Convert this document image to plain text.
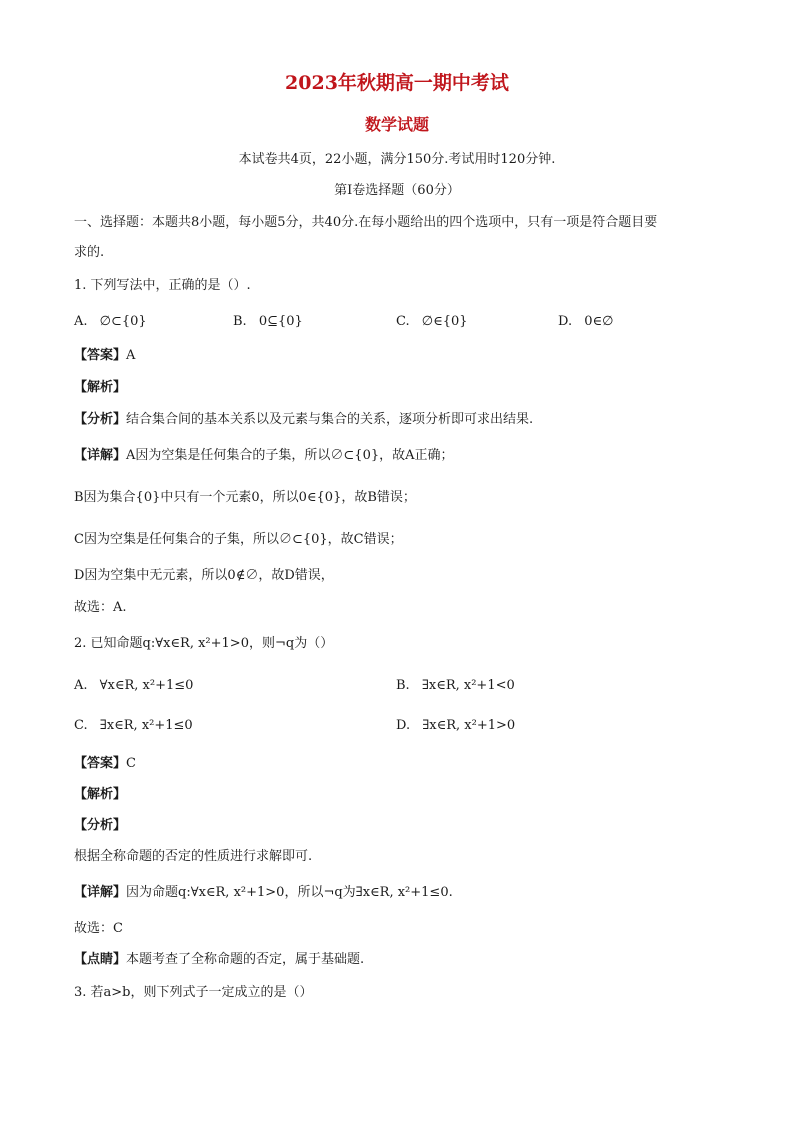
2023年秋期高一期中考试
数学试题
本试卷共4页，22小题，满分150分.考试用时120分钟.
第Ⅰ卷选择题（60分）
一、选择题：本题共8小题，每小题5分，共40分.在每小题给出的四个选项中，只有一项是符合题目要
求的.
1. 下列写法中，正确的是（）.
A. ∅⊂{0}	B. 0⊆{0}	C. ∅∈{0}	D. 0∈∅
【答案】A
【解析】
【分析】结合集合间的基本关系以及元素与集合的关系，逐项分析即可求出结果.
【详解】A因为空集是任何集合的子集，所以∅⊂{0}，故A正确；
B因为集合{0}中只有一个元素0，所以0∈{0}，故B错误；
C因为空集是任何集合的子集，所以∅⊂{0}，故C错误；
D因为空集中无元素，所以0∉∅，故D错误，
故选：A.
2. 已知命题q:∀x∈R, x²+1>0，则¬q为（）
A. ∀x∈R, x²+1≤0	B. ∃x∈R, x²+1<0
C. ∃x∈R, x²+1≤0	D. ∃x∈R, x²+1>0
【答案】C
【解析】
【分析】
根据全称命题的否定的性质进行求解即可.
【详解】因为命题q:∀x∈R, x²+1>0，所以¬q为∃x∈R, x²+1≤0.
故选：C
【点睛】本题考查了全称命题的否定，属于基础题.
3. 若a>b，则下列式子一定成立的是（）
